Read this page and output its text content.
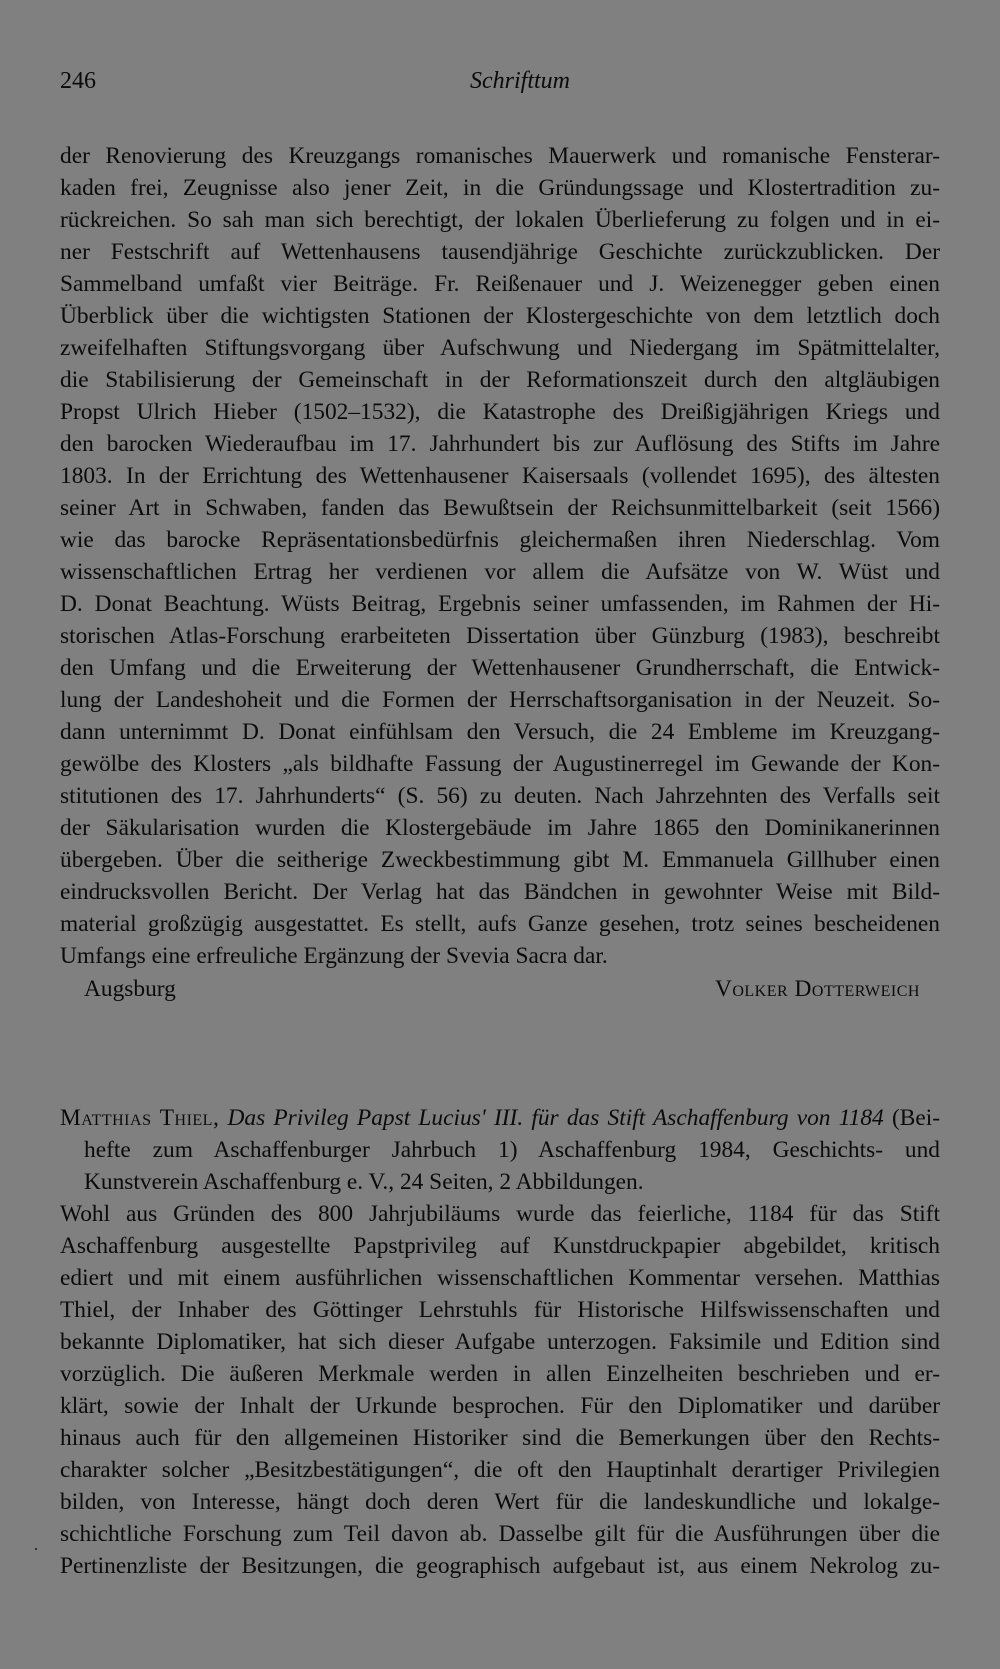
246	Schrifttum
der Renovierung des Kreuzgangs romanisches Mauerwerk und romanische Fensterar-
kaden frei, Zeugnisse also jener Zeit, in die Gründungssage und Klostertradition zu-
rückreichen. So sah man sich berechtigt, der lokalen Überlieferung zu folgen und in ei-
ner Festschrift auf Wettenhausens tausendjährige Geschichte zurückzublicken. Der
Sammelband umfaßt vier Beiträge. Fr. Reißenauer und J. Weizenegger geben einen
Überblick über die wichtigsten Stationen der Klostergeschichte von dem letztlich doch
zweifelhaften Stiftungsvorgang über Aufschwung und Niedergang im Spätmittelalter,
die Stabilisierung der Gemeinschaft in der Reformationszeit durch den altgläubigen
Propst Ulrich Hieber (1502–1532), die Katastrophe des Dreißigjährigen Kriegs und
den barocken Wiederaufbau im 17. Jahrhundert bis zur Auflösung des Stifts im Jahre
1803. In der Errichtung des Wettenhausener Kaisersaals (vollendet 1695), des ältesten
seiner Art in Schwaben, fanden das Bewußtsein der Reichsunmittelbarkeit (seit 1566)
wie das barocke Repräsentationsbedürfnis gleichermaßen ihren Niederschlag. Vom
wissenschaftlichen Ertrag her verdienen vor allem die Aufsätze von W. Wüst und
D. Donat Beachtung. Wüsts Beitrag, Ergebnis seiner umfassenden, im Rahmen der Hi-
storischen Atlas-Forschung erarbeiteten Dissertation über Günzburg (1983), beschreibt
den Umfang und die Erweiterung der Wettenhausener Grundherrschaft, die Entwick-
lung der Landeshoheit und die Formen der Herrschaftsorganisation in der Neuzeit. So-
dann unternimmt D. Donat einfühlsam den Versuch, die 24 Embleme im Kreuzgang-
gewölbe des Klosters „als bildhafte Fassung der Augustinerregel im Gewande der Kon-
stitutionen des 17. Jahrhunderts“ (S. 56) zu deuten. Nach Jahrzehnten des Verfalls seit
der Säkularisation wurden die Klostergebäude im Jahre 1865 den Dominikanerinnen
übergeben. Über die seitherige Zweckbestimmung gibt M. Emmanuela Gillhuber einen
eindrucksvollen Bericht. Der Verlag hat das Bändchen in gewohnter Weise mit Bild-
material großzügig ausgestattet. Es stellt, aufs Ganze gesehen, trotz seines bescheidenen
Umfangs eine erfreuliche Ergänzung der Svevia Sacra dar.
Augsburg	Volker Dotterweich
Matthias Thiel, Das Privileg Papst Lucius' III. für das Stift Aschaffenburg von 1184 (Bei-
hefte zum Aschaffenburger Jahrbuch 1) Aschaffenburg 1984, Geschichts- und
Kunstverein Aschaffenburg e. V., 24 Seiten, 2 Abbildungen.
Wohl aus Gründen des 800 Jahrjubiläums wurde das feierliche, 1184 für das Stift
Aschaffenburg ausgestellte Papstprivileg auf Kunstdruckpapier abgebildet, kritisch
ediert und mit einem ausführlichen wissenschaftlichen Kommentar versehen. Matthias
Thiel, der Inhaber des Göttinger Lehrstuhls für Historische Hilfswissenschaften und
bekannte Diplomatiker, hat sich dieser Aufgabe unterzogen. Faksimile und Edition sind
vorzüglich. Die äußeren Merkmale werden in allen Einzelheiten beschrieben und er-
klärt, sowie der Inhalt der Urkunde besprochen. Für den Diplomatiker und darüber
hinaus auch für den allgemeinen Historiker sind die Bemerkungen über den Rechts-
charakter solcher „Besitzbestätigungen“, die oft den Hauptinhalt derartiger Privilegien
bilden, von Interesse, hängt doch deren Wert für die landeskundliche und lokalge-
schichtliche Forschung zum Teil davon ab. Dasselbe gilt für die Ausführungen über die
Pertinenzliste der Besitzungen, die geographisch aufgebaut ist, aus einem Nekrolog zu-
